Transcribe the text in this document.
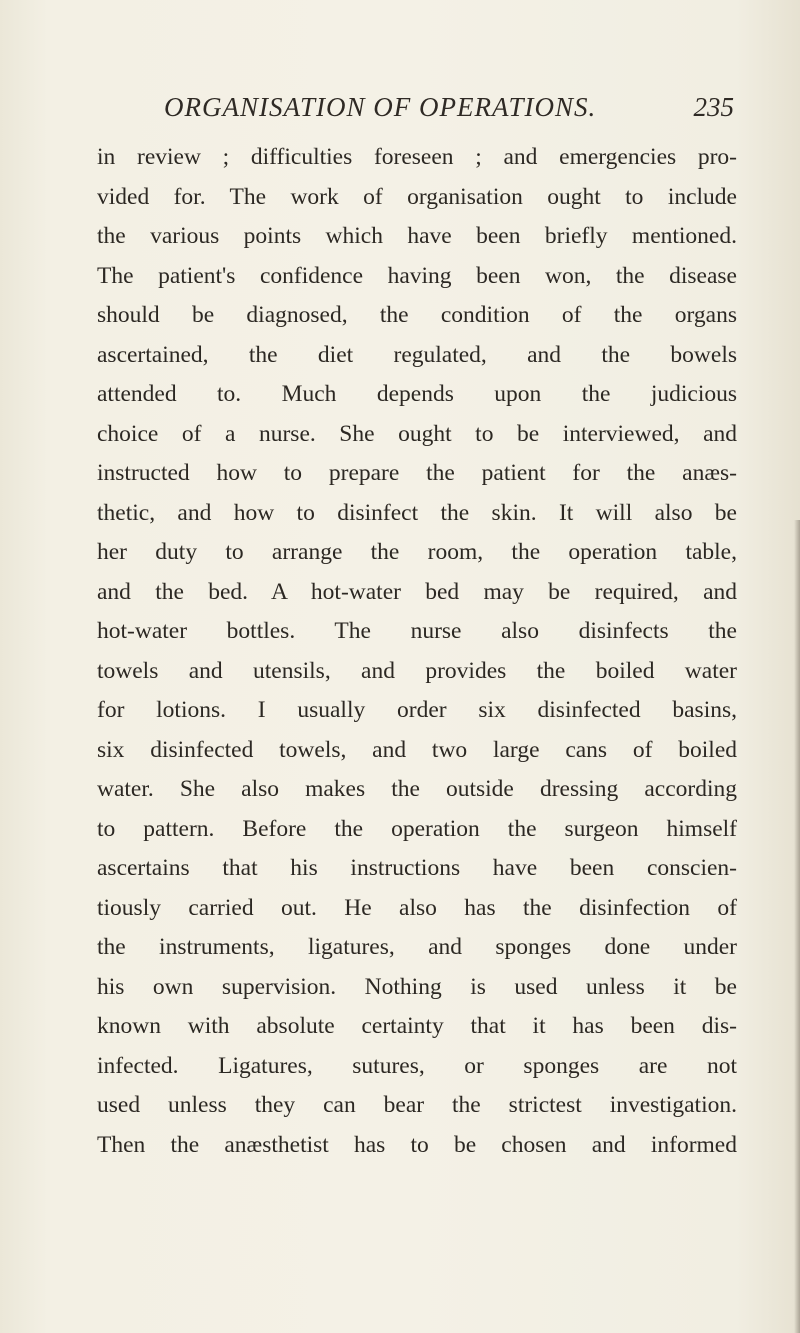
ORGANISATION OF OPERATIONS.	235
in review ; difficulties foreseen ; and emergencies pro-
vided for. The work of organisation ought to include
the various points which have been briefly mentioned.
The patient's confidence having been won, the disease
should be diagnosed, the condition of the organs
ascertained, the diet regulated, and the bowels
attended to. Much depends upon the judicious
choice of a nurse. She ought to be interviewed, and
instructed how to prepare the patient for the anæs-
thetic, and how to disinfect the skin. It will also be
her duty to arrange the room, the operation table,
and the bed. A hot-water bed may be required, and
hot-water bottles. The nurse also disinfects the
towels and utensils, and provides the boiled water
for lotions. I usually order six disinfected basins,
six disinfected towels, and two large cans of boiled
water. She also makes the outside dressing according
to pattern. Before the operation the surgeon himself
ascertains that his instructions have been conscien-
tiously carried out. He also has the disinfection of
the instruments, ligatures, and sponges done under
his own supervision. Nothing is used unless it be
known with absolute certainty that it has been dis-
infected. Ligatures, sutures, or sponges are not
used unless they can bear the strictest investigation.
Then the anæsthetist has to be chosen and informed
